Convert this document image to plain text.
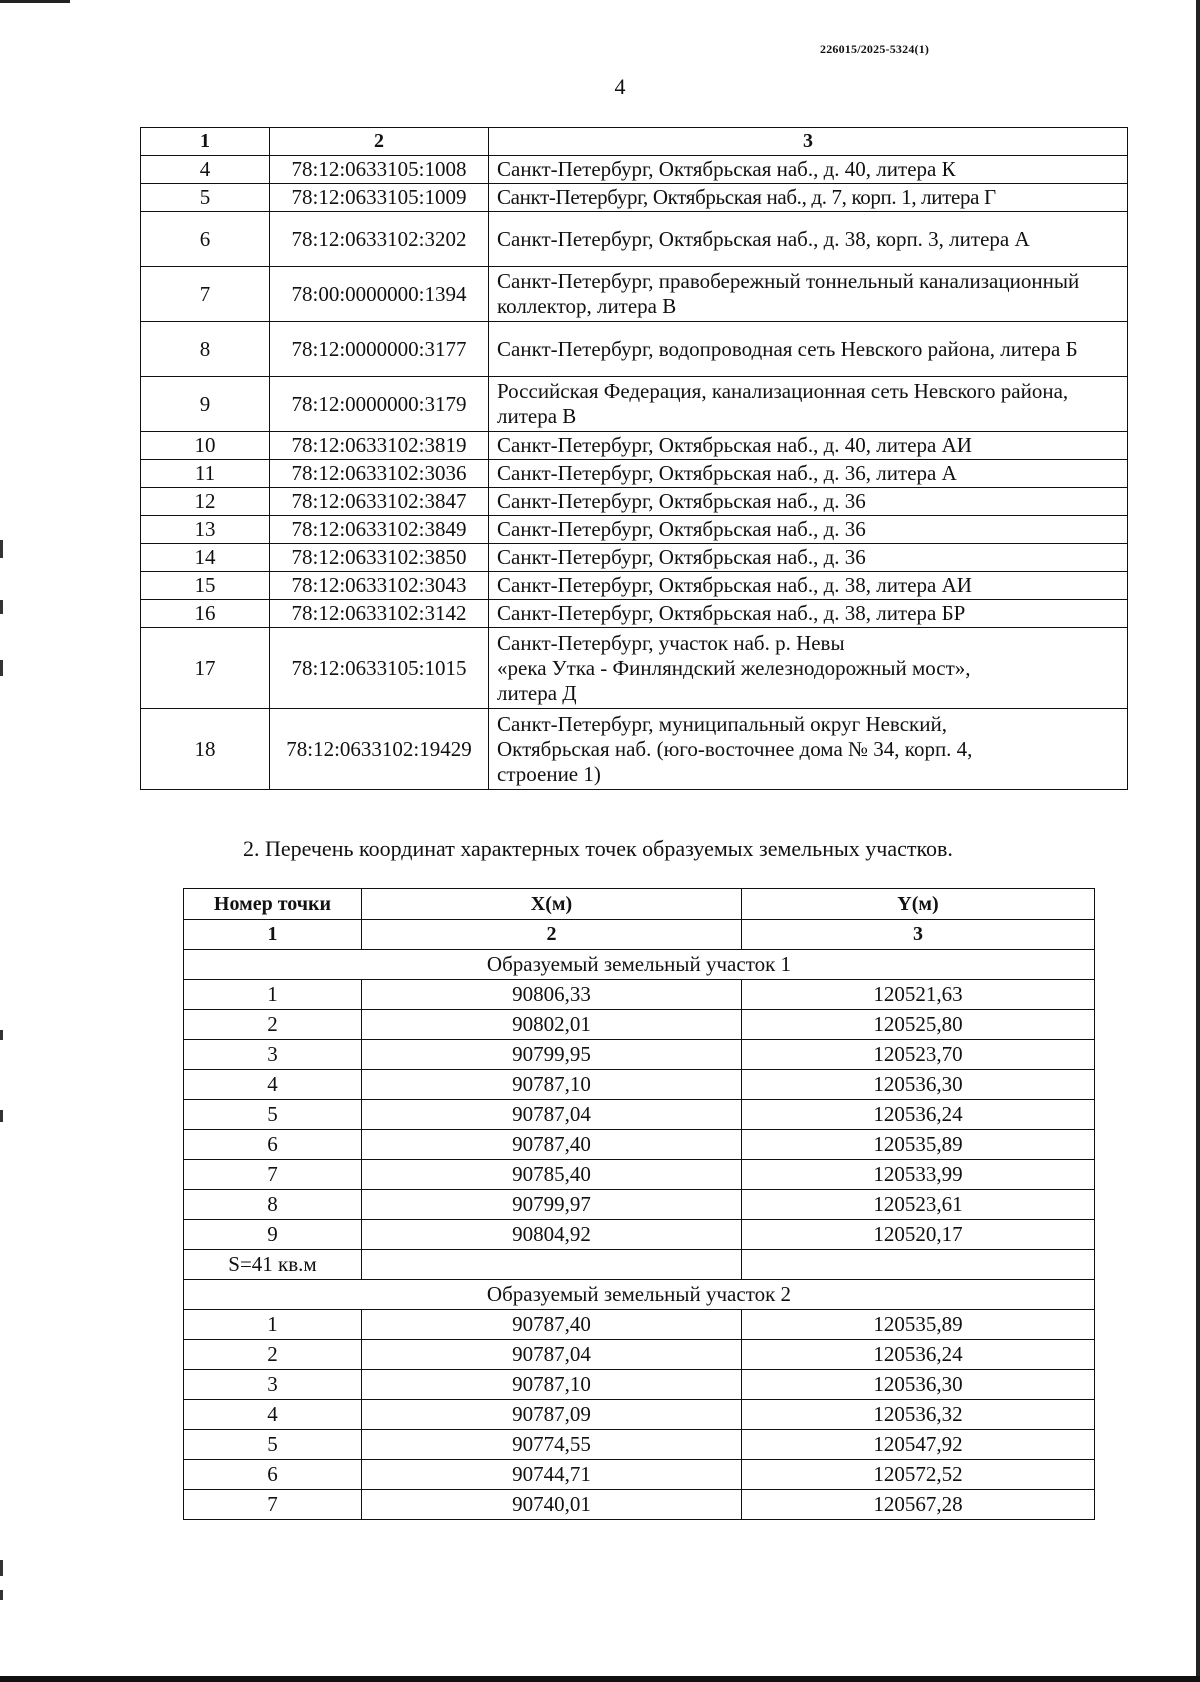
226015/2025-5324(1)
4
1	2	3
4	78:12:0633105:1008	Санкт-Петербург, Октябрьская наб., д. 40, литера К
5	78:12:0633105:1009	Санкт-Петербург, Октябрьская наб., д. 7, корп. 1, литера Г
6	78:12:0633102:3202	Санкт-Петербург, Октябрьская наб., д. 38, корп. 3, литера А
7	78:00:0000000:1394	Санкт-Петербург, правобережный тоннельный канализационный коллектор, литера В
8	78:12:0000000:3177	Санкт-Петербург, водопроводная сеть Невского района, литера Б
9	78:12:0000000:3179	Российская Федерация, канализационная сеть Невского района, литера В
10	78:12:0633102:3819	Санкт-Петербург, Октябрьская наб., д. 40, литера АИ
11	78:12:0633102:3036	Санкт-Петербург, Октябрьская наб., д. 36, литера А
12	78:12:0633102:3847	Санкт-Петербург, Октябрьская наб., д. 36
13	78:12:0633102:3849	Санкт-Петербург, Октябрьская наб., д. 36
14	78:12:0633102:3850	Санкт-Петербург, Октябрьская наб., д. 36
15	78:12:0633102:3043	Санкт-Петербург, Октябрьская наб., д. 38, литера АИ
16	78:12:0633102:3142	Санкт-Петербург, Октябрьская наб., д. 38, литера БР
17	78:12:0633105:1015	Санкт-Петербург, участок наб. р. Невы
«река Утка - Финляндский железнодорожный мост»,
литера Д

18	78:12:0633102:19429	Санкт-Петербург, муниципальный округ Невский,
Октябрьская наб. (юго-восточнее дома № 34, корп. 4,
строение 1)
2. Перечень координат характерных точек образуемых земельных участков.
Номер точки	X(м)	Y(м)
1	2	3
Образуемый земельный участок 1		
1	90806,33	120521,63
2	90802,01	120525,80
3	90799,95	120523,70
4	90787,10	120536,30
5	90787,04	120536,24
6	90787,40	120535,89
7	90785,40	120533,99
8	90799,97	120523,61
9	90804,92	120520,17
S=41 кв.м		
Образуемый земельный участок 2		
1	90787,40	120535,89
2	90787,04	120536,24
3	90787,10	120536,30
4	90787,09	120536,32
5	90774,55	120547,92
6	90744,71	120572,52
7	90740,01	120567,28
